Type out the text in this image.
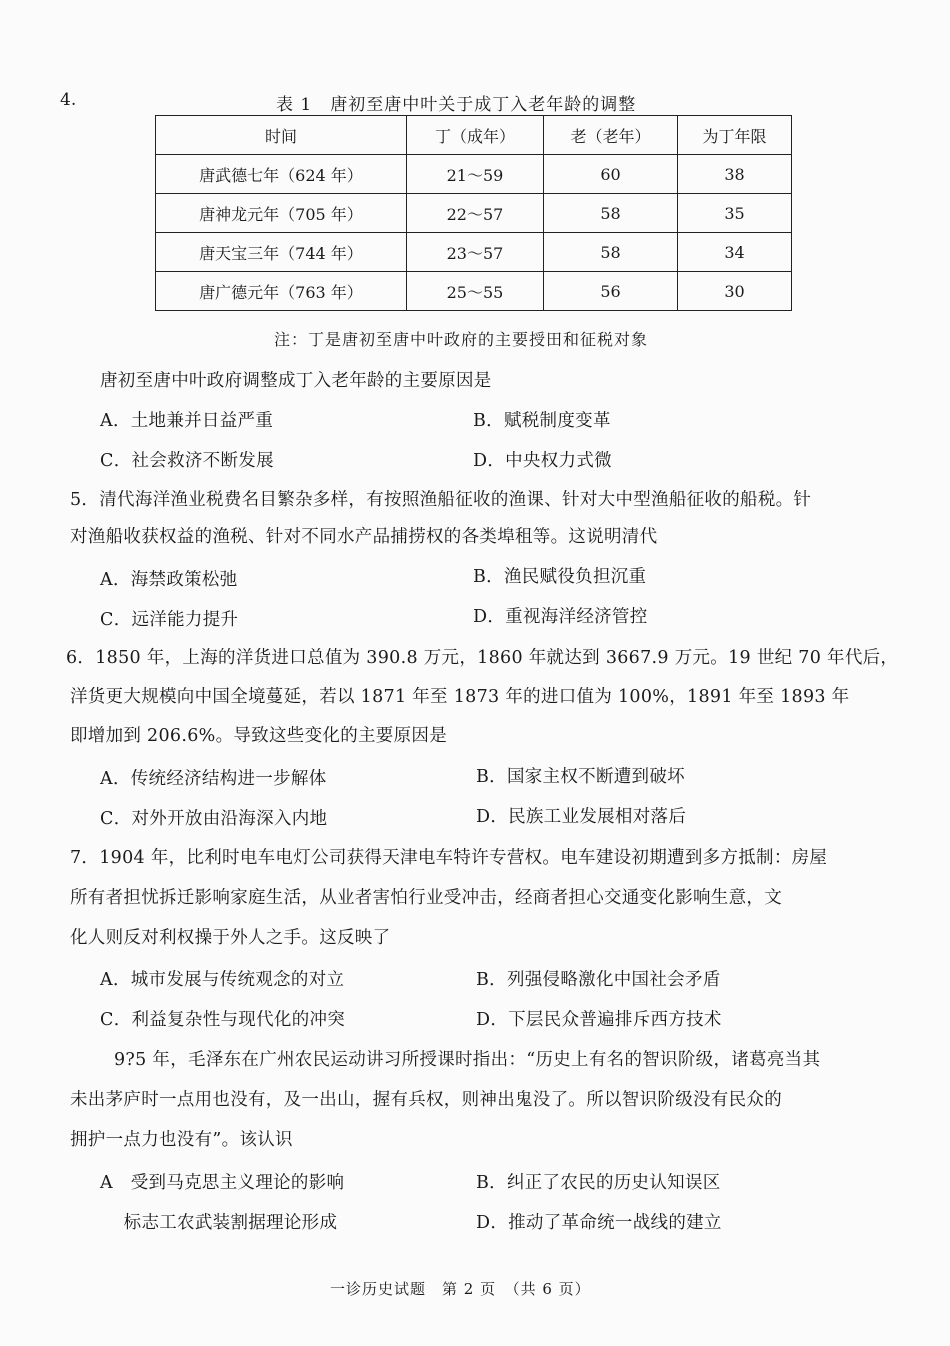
4.	表 1　唐初至唐中叶关于成丁入老年龄的调整
时间	丁（成年）	老（老年）	为丁年限
唐武德七年（624 年）	21～59	60	38
唐神龙元年（705 年）	22～57	58	35
唐天宝三年（744 年）	23～57	58	34
唐广德元年（763 年）	25～55	56	30
注：丁是唐初至唐中叶政府的主要授田和征税对象
唐初至唐中叶政府调整成丁入老年龄的主要原因是
A．土地兼并日益严重	B．赋税制度变革
C．社会救济不断发展	D．中央权力式微
5．清代海洋渔业税费名目繁杂多样，有按照渔船征收的渔课、针对大中型渔船征收的船税。针
对渔船收获权益的渔税、针对不同水产品捕捞权的各类埠租等。这说明清代
A．海禁政策松弛	B．渔民赋役负担沉重
C．远洋能力提升	D．重视海洋经济管控
6．1850 年，上海的洋货进口总值为 390.8 万元，1860 年就达到 3667.9 万元。19 世纪 70 年代后，
洋货更大规模向中国全境蔓延，若以 1871 年至 1873 年的进口值为 100%，1891 年至 1893 年
即增加到 206.6%。导致这些变化的主要原因是
A．传统经济结构进一步解体	B．国家主权不断遭到破坏
C．对外开放由沿海深入内地	D．民族工业发展相对落后
7．1904 年，比利时电车电灯公司获得天津电车特许专营权。电车建设初期遭到多方抵制：房屋
所有者担忧拆迁影响家庭生活，从业者害怕行业受冲击，经商者担心交通变化影响生意，文
化人则反对利权操于外人之手。这反映了
A．城市发展与传统观念的对立	B．列强侵略激化中国社会矛盾
C．利益复杂性与现代化的冲突	D．下层民众普遍排斥西方技术
9?5 年，毛泽东在广州农民运动讲习所授课时指出：“历史上有名的智识阶级，诸葛亮当其
未出茅庐时一点用也没有，及一出山，握有兵权，则神出鬼没了。所以智识阶级没有民众的
拥护一点力也没有”。该认识
A　受到马克思主义理论的影响	B．纠正了农民的历史认知误区
　 标志工农武装割据理论形成	D．推动了革命统一战线的建立
一诊历史试题　第 2 页　（共 6 页）
